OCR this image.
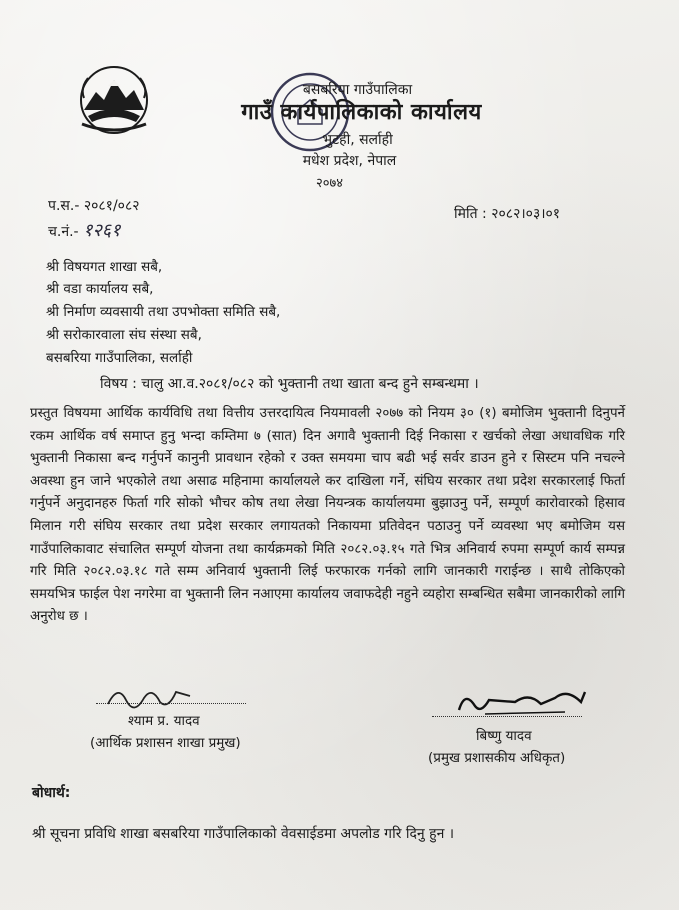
बसबरिया गाउँपालिका
गाउँ कार्यपालिकाको कार्यालय
भुटही, सर्लाही
मधेश प्रदेश, नेपाल
२०७४
प.स.- २०८१/०८२
च.नं.- १२६१
मिति : २०८२।०३।०१
श्री विषयगत शाखा सबै,
श्री वडा कार्यालय सबै,
श्री निर्माण व्यवसायी तथा उपभोक्ता समिति सबै,
श्री सरोकारवाला संघ संस्था सबै,
बसबरिया गाउँपालिका, सर्लाही
विषय : चालु आ.व.२०८१/०८२ को भुक्तानी तथा खाता बन्द हुने सम्बन्धमा ।
प्रस्तुत विषयमा आर्थिक कार्यविधि तथा वित्तीय उत्तरदायित्व नियमावली २०७७ को नियम ३० (१) बमोजिम भुक्तानी दिनुपर्ने रकम आर्थिक वर्ष समाप्त हुनु भन्दा कम्तिमा ७ (सात) दिन अगावै भुक्तानी दिई निकासा र खर्चको लेखा अधावधिक गरि भुक्तानी निकासा बन्द गर्नुपर्ने कानुनी प्रावधान रहेको र उक्त समयमा चाप बढी भई सर्वर डाउन हुने र सिस्टम पनि नचल्ने अवस्था हुन जाने भएकोले तथा असाढ महिनामा कार्यालयले कर दाखिला गर्ने, संघिय सरकार तथा प्रदेश सरकारलाई फिर्ता गर्नुपर्ने अनुदानहरु फिर्ता गरि सोको भौचर कोष तथा लेखा नियन्त्रक कार्यालयमा बुझाउनु पर्ने, सम्पूर्ण कारोवारको हिसाव मिलान गरी संघिय सरकार तथा प्रदेश सरकार लगायतको निकायमा प्रतिवेदन पठाउनु पर्ने व्यवस्था भए बमोजिम यस गाउँपालिकावाट संचालित सम्पूर्ण योजना तथा कार्यक्रमको मिति २०८२.०३.१५ गते भित्र अनिवार्य रुपमा सम्पूर्ण कार्य सम्पन्न गरि मिति २०८२.०३.१८ गते सम्म अनिवार्य भुक्तानी लिई फरफारक गर्नको लागि जानकारी गराईन्छ । साथै तोकिएको समयभित्र फाईल पेश नगरेमा वा भुक्तानी लिन नआएमा कार्यालय जवाफदेही नहुने व्यहोरा सम्बन्धित सबैमा जानकारीको लागि अनुरोध छ ।
श्याम प्र. यादव
(आर्थिक प्रशासन शाखा प्रमुख)	बिष्णु यादव
(प्रमुख प्रशासकीय अधिकृत)
बोधार्थ:
श्री सूचना प्रविधि शाखा बसबरिया गाउँपालिकाको वेवसाईडमा अपलोड गरि दिनु हुन ।
